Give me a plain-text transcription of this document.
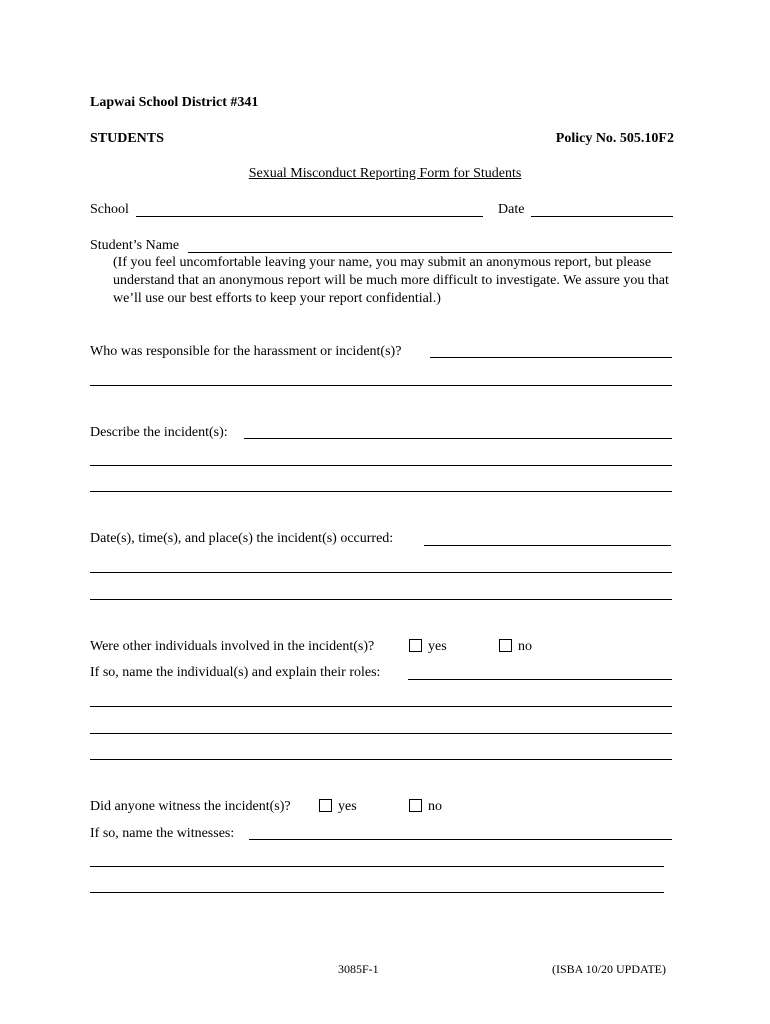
Lapwai School District #341
STUDENTS	Policy No. 505.10F2
Sexual Misconduct Reporting Form for Students
School	Date
Student’s Name
(If you feel uncomfortable leaving your name, you may submit an anonymous report, but please understand that an anonymous report will be much more difficult to investigate. We assure you that we’ll use our best efforts to keep your report confidential.)
Who was responsible for the harassment or incident(s)?
Describe the incident(s):
Date(s), time(s), and place(s) the incident(s) occurred:
Were other individuals involved in the incident(s)?	yes	no
If so, name the individual(s) and explain their roles:
Did anyone witness the incident(s)?	yes	no
If so, name the witnesses:
3085F-1	(ISBA 10/20 UPDATE)
